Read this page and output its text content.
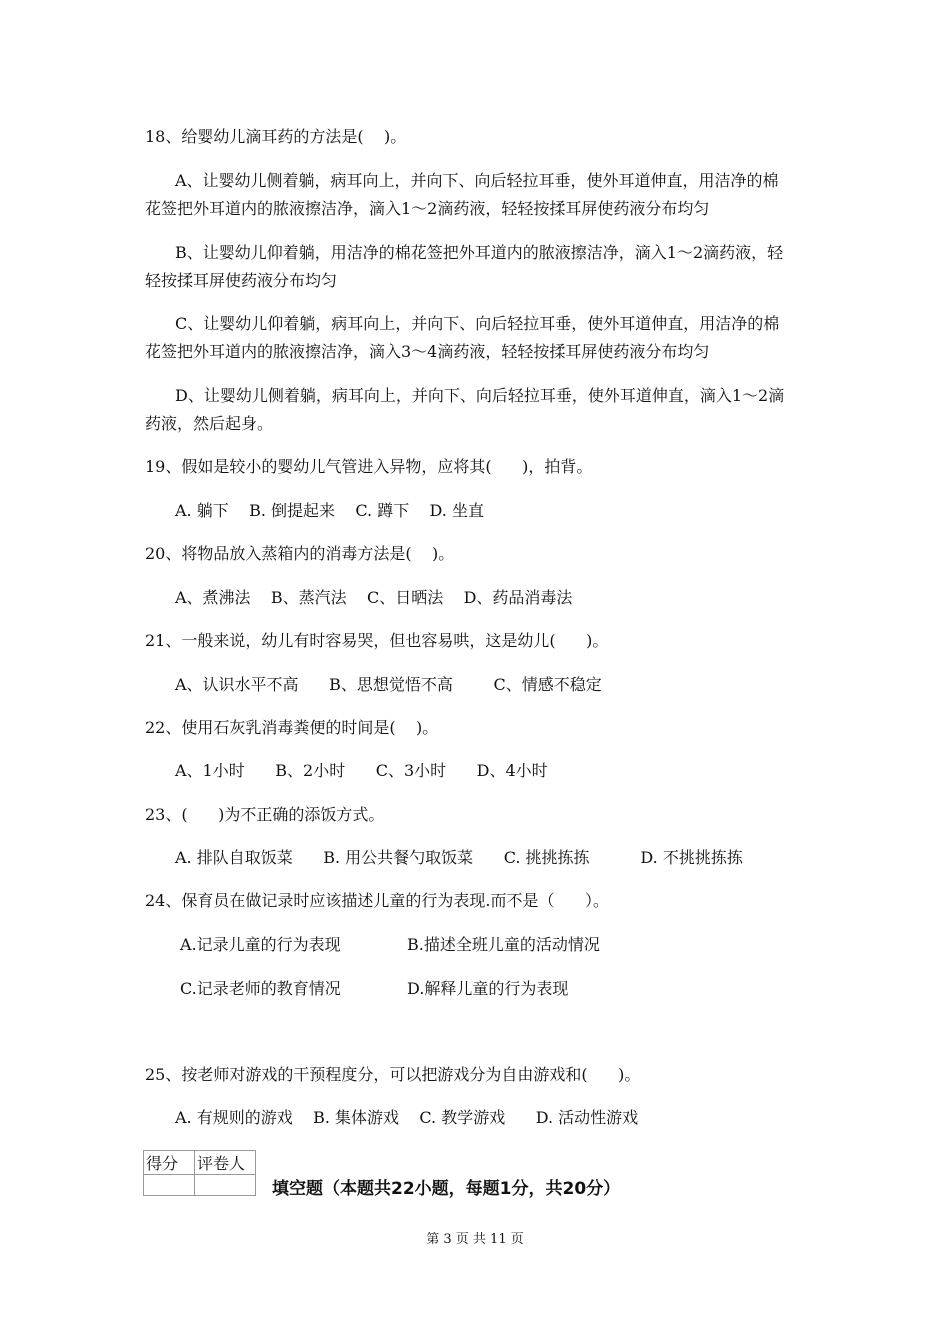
18、给婴幼儿滴耳药的方法是(    )。
A、让婴幼儿侧着躺，病耳向上，并向下、向后轻拉耳垂，使外耳道伸直，用洁净的棉
花签把外耳道内的脓液擦洁净，滴入1～2滴药液，轻轻按揉耳屏使药液分布均匀
B、让婴幼儿仰着躺，用洁净的棉花签把外耳道内的脓液擦洁净，滴入1～2滴药液，轻
轻按揉耳屏使药液分布均匀
C、让婴幼儿仰着躺，病耳向上，并向下、向后轻拉耳垂，使外耳道伸直，用洁净的棉
花签把外耳道内的脓液擦洁净，滴入3～4滴药液，轻轻按揉耳屏使药液分布均匀
D、让婴幼儿侧着躺，病耳向上，并向下、向后轻拉耳垂，使外耳道伸直，滴入1～2滴
药液，然后起身。
19、假如是较小的婴幼儿气管进入异物，应将其(      )，拍背。
A. 躺下    B. 倒提起来    C. 蹲下    D. 坐直
20、将物品放入蒸箱内的消毒方法是(    )。
A、煮沸法    B、蒸汽法    C、日晒法    D、药品消毒法
21、一般来说，幼儿有时容易哭，但也容易哄，这是幼儿(      )。
A、认识水平不高      B、思想觉悟不高        C、情感不稳定
22、使用石灰乳消毒粪便的时间是(    )。
A、1小时      B、2小时      C、3小时      D、4小时
23、(      )为不正确的添饭方式。
A. 排队自取饭菜      B. 用公共餐勺取饭菜      C. 挑挑拣拣          D. 不挑挑拣拣
24、保育员在做记录时应该描述儿童的行为表现.而不是（      ）。
A.记录儿童的行为表现	B.描述全班儿童的活动情况
C.记录老师的教育情况	D.解释儿童的行为表现
25、按老师对游戏的干预程度分，可以把游戏分为自由游戏和(      )。
A. 有规则的游戏    B. 集体游戏    C. 教学游戏      D. 活动性游戏
得分	评卷人

填空题（本题共22小题，每题1分，共20分）
第 3 页 共 11 页
